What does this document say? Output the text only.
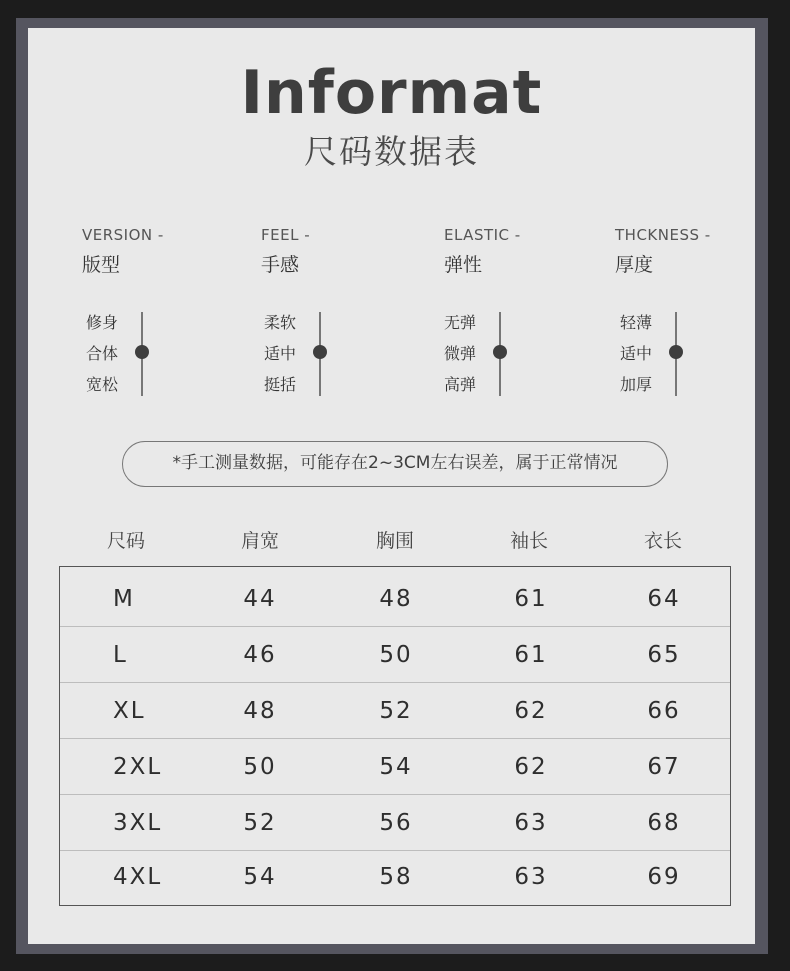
Informat
尺码数据表
VERSION -
版型
FEEL -
手感
ELASTIC -
弹性
THCKNESS -
厚度
修身
合体
宽松
柔软
适中
挺括
无弹
微弹
高弹
轻薄
适中
加厚
*手工测量数据，可能存在2~3CM左右误差，属于正常情况
尺码	肩宽	胸围	袖长	衣长
M	44	48	61	64
L	46	50	61	65
XL	48	52	62	66
2XL	50	54	62	67
3XL	52	56	63	68
4XL	54	58	63	69
